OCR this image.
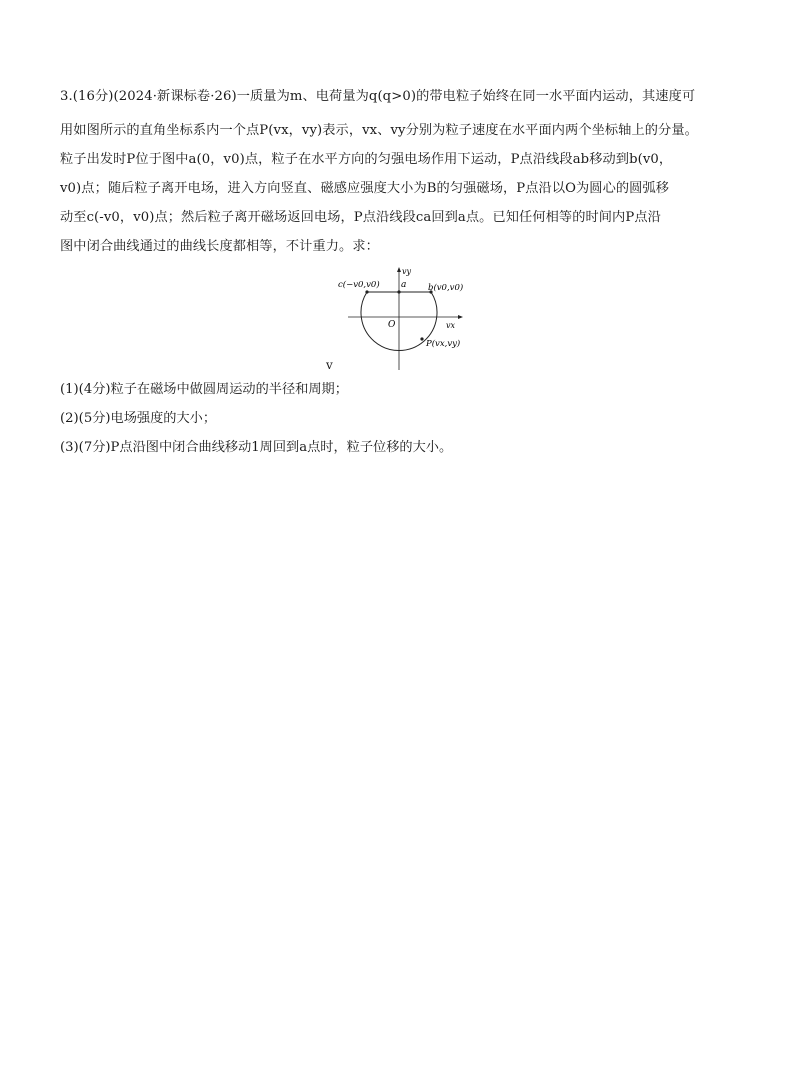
3.(16分)(2024·新课标卷·26)一质量为m、电荷量为q(q>0)的带电粒子始终在同一水平面内运动，其速度可
用如图所示的直角坐标系内一个点P(vx，vy)表示，vx、vy分别为粒子速度在水平面内两个坐标轴上的分量。
粒子出发时P位于图中a(0，v0)点，粒子在水平方向的匀强电场作用下运动，P点沿线段ab移动到b(v0，
v0)点；随后粒子离开电场，进入方向竖直、磁感应强度大小为B的匀强磁场，P点沿以O为圆心的圆弧移
动至c(-v0，v0)点；然后粒子离开磁场返回电场，P点沿线段ca回到a点。已知任何相等的时间内P点沿
图中闭合曲线通过的曲线长度都相等，不计重力。求：
c(−v0,v0) a	b(v0,v0)
O	vx
vy
P(vx,vy)
v
(1)(4分)粒子在磁场中做圆周运动的半径和周期；
(2)(5分)电场强度的大小；
(3)(7分)P点沿图中闭合曲线移动1周回到a点时，粒子位移的大小。
